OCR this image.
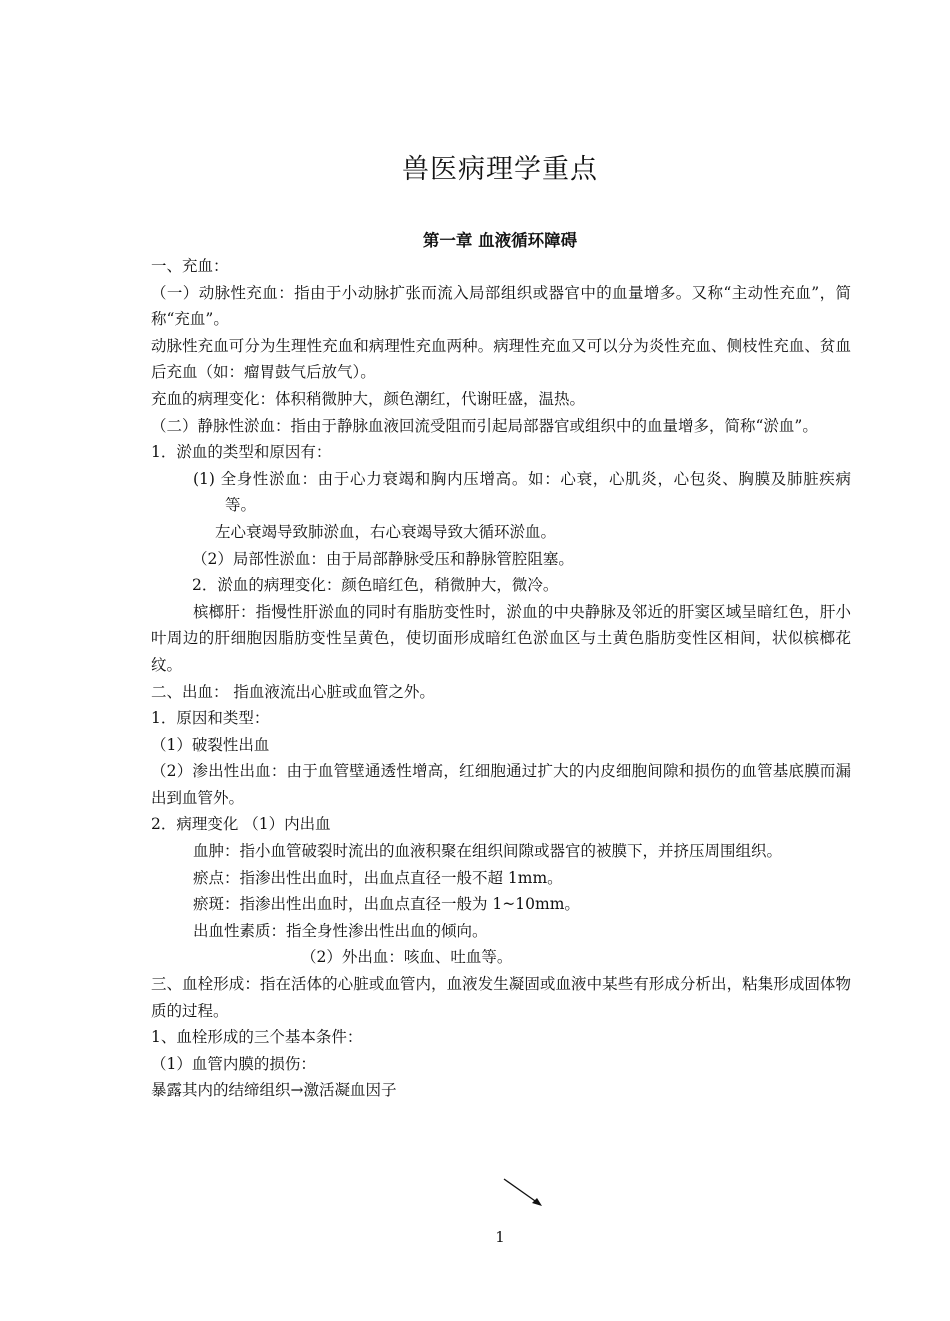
兽医病理学重点
第一章 血液循环障碍

一、充血：

（一）动脉性充血：指由于小动脉扩张而流入局部组织或器官中的血量增多。又称“主动性充血”，简称“充血”。

动脉性充血可分为生理性充血和病理性充血两种。病理性充血又可以分为炎性充血、侧枝性充血、贫血后充血（如：瘤胃鼓气后放气）。

充血的病理变化：体积稍微肿大，颜色潮红，代谢旺盛，温热。

（二）静脉性淤血：指由于静脉血液回流受阻而引起局部器官或组织中的血量增多，简称“淤血”。

1．淤血的类型和原因有：

(1) 全身性淤血：由于心力衰竭和胸内压增高。如：心衰，心肌炎，心包炎、胸膜及肺脏疾病等。

左心衰竭导致肺淤血，右心衰竭导致大循环淤血。

（2）局部性淤血：由于局部静脉受压和静脉管腔阻塞。

2．淤血的病理变化：颜色暗红色，稍微肿大，微冷。

槟榔肝：指慢性肝淤血的同时有脂肪变性时，淤血的中央静脉及邻近的肝窦区域呈暗红色，肝小叶周边的肝细胞因脂肪变性呈黄色，使切面形成暗红色淤血区与土黄色脂肪变性区相间，状似槟榔花纹。

二、出血： 指血液流出心脏或血管之外。

1．原因和类型：

（1）破裂性出血

（2）渗出性出血：由于血管壁通透性增高，红细胞通过扩大的内皮细胞间隙和损伤的血管基底膜而漏出到血管外。

2．病理变化 （1）内出血

血肿：指小血管破裂时流出的血液积聚在组织间隙或器官的被膜下，并挤压周围组织。

瘀点：指渗出性出血时，出血点直径一般不超 1mm。

瘀斑：指渗出性出血时，出血点直径一般为 1~10mm。

出血性素质：指全身性渗出性出血的倾向。

（2）外出血：咳血、吐血等。

三、血栓形成：指在活体的心脏或血管内，血液发生凝固或血液中某些有形成分析出，粘集形成固体物质的过程。

1、血栓形成的三个基本条件：

（1）血管内膜的损伤：

暴露其内的结缔组织→激活凝血因子

1
